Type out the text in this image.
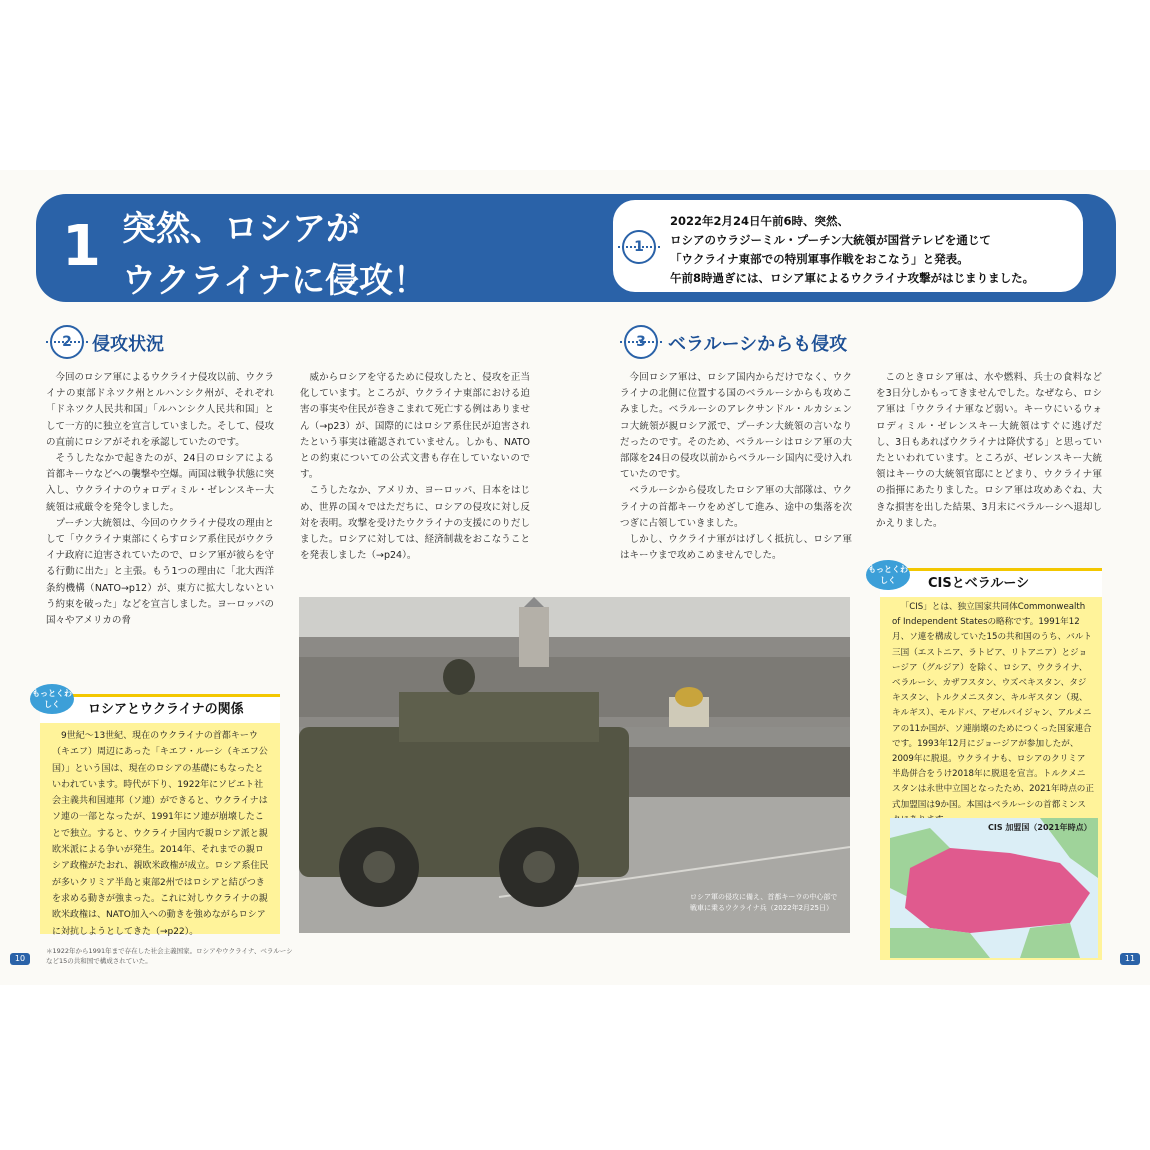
1 突然、ロシアが
ウクライナに侵攻！
1
2022年2月24日午前6時、突然、
ロシアのウラジーミル・プーチン大統領が国営テレビを通じて
「ウクライナ東部での特別軍事作戦をおこなう」と発表。
午前8時過ぎには、ロシア軍によるウクライナ攻撃がはじまりました。
2	侵攻状況

今回のロシア軍によるウクライナ侵攻以前、ウクライナの東部ドネツク州とルハンシク州が、それぞれ「ドネツク人民共和国」「ルハンシク人民共和国」として一方的に独立を宣言していました。そして、侵攻の直前にロシアがそれを承認していたのです。

そうしたなかで起きたのが、24日のロシアによる首都キーウなどへの襲撃や空爆。両国は戦争状態に突入し、ウクライナのウォロディミル・ゼレンスキー大統領は戒厳令を発令しました。

プーチン大統領は、今回のウクライナ侵攻の理由として「ウクライナ東部にくらすロシア系住民がウクライナ政府に迫害されていたので、ロシア軍が彼らを守る行動に出た」と主張。もう1つの理由に「北大西洋条約機構（NATO→p12）が、東方に拡大しないという約束を破った」などを宣言しました。ヨーロッパの国々やアメリカの脅

威からロシアを守るために侵攻したと、侵攻を正当化しています。ところが、ウクライナ東部における迫害の事実や住民が巻きこまれて死亡する例はありません（→p23）が、国際的にはロシア系住民が迫害されたという事実は確認されていません。しかも、NATOとの約束についての公式文書も存在していないのです。

こうしたなか、アメリカ、ヨーロッパ、日本をはじめ、世界の国々ではただちに、ロシアの侵攻に対し反対を表明。攻撃を受けたウクライナの支援にのりだしました。ロシアに対しては、経済制裁をおこなうことを発表しました（→p24）。

ロシアとウクライナの関係

9世紀〜13世紀、現在のウクライナの首都キーウ（キエフ）周辺にあった「キエフ・ルーシ（キエフ公国）」という国は、現在のロシアの基礎にもなったといわれています。時代が下り、1922年にソビエト社会主義共和国連邦（ソ連）ができると、ウクライナはソ連の一部となったが、1991年にソ連が崩壊したことで独立。すると、ウクライナ国内で親ロシア派と親欧米派による争いが発生。2014年、それまでの親ロシア政権がたおれ、親欧米政権が成立。ロシア系住民が多いクリミア半島と東部2州ではロシアと結びつきを求める動きが強まった。これに対しウクライナの親欧米政権は、NATO加入への動きを強めながらロシアに対抗しようとしてきた（→p22）。

もっとくわしく
ロシア軍の侵攻に備え、首都キーウの中心部で戦車に乗るウクライナ兵（2022年2月25日）
3	ベラルーシからも侵攻

今回ロシア軍は、ロシア国内からだけでなく、ウクライナの北側に位置する国のベラルーシからも攻めこみました。ベラルーシのアレクサンドル・ルカシェンコ大統領が親ロシア派で、プーチン大統領の言いなりだったのです。そのため、ベラルーシはロシア軍の大部隊を24日の侵攻以前からベラルーシ国内に受け入れていたのです。

ベラルーシから侵攻したロシア軍の大部隊は、ウクライナの首都キーウをめざして進み、途中の集落を次つぎに占領していきました。

しかし、ウクライナ軍がはげしく抵抗し、ロシア軍はキーウまで攻めこめませんでした。

このときロシア軍は、水や燃料、兵士の食料などを3日分しかもってきませんでした。なぜなら、ロシア軍は「ウクライナ軍など弱い。キーウにいるウォロディミル・ゼレンスキー大統領はすぐに逃げだし、3日もあればウクライナは降伏する」と思っていたといわれています。ところが、ゼレンスキー大統領はキーウの大統領官邸にとどまり、ウクライナ軍の指揮にあたりました。ロシア軍は攻めあぐね、大きな損害を出した結果、3月末にベラルーシへ退却しかえりました。

CISとベラルーシ

「CIS」とは、独立国家共同体Commonwealth of Independent Statesの略称です。1991年12月、ソ連を構成していた15の共和国のうち、バルト三国（エストニア、ラトビア、リトアニア）とジョージア（グルジア）を除く、ロシア、ウクライナ、ベラルーシ、カザフスタン、ウズベキスタン、タジキスタン、トルクメニスタン、キルギスタン（現、キルギス）、モルドバ、アゼルバイジャン、アルメニアの11か国が、ソ連崩壊のためにつくった国家連合です。1993年12月にジョージアが参加したが、2009年に脱退。ウクライナも、ロシアのクリミア半島併合をうけ2018年に脱退を宣言。トルクメニスタンは永世中立国となったため、2021年時点の正式加盟国は9か国。本国はベラルーシの首都ミンス

もっとくわしく
CIS 加盟国（2021年時点）
＊1922年から1991年まで存在した社会主義国家。ロシアやウクライナ、ベラルーシなど15の共和国で構成されていた。
10	11
